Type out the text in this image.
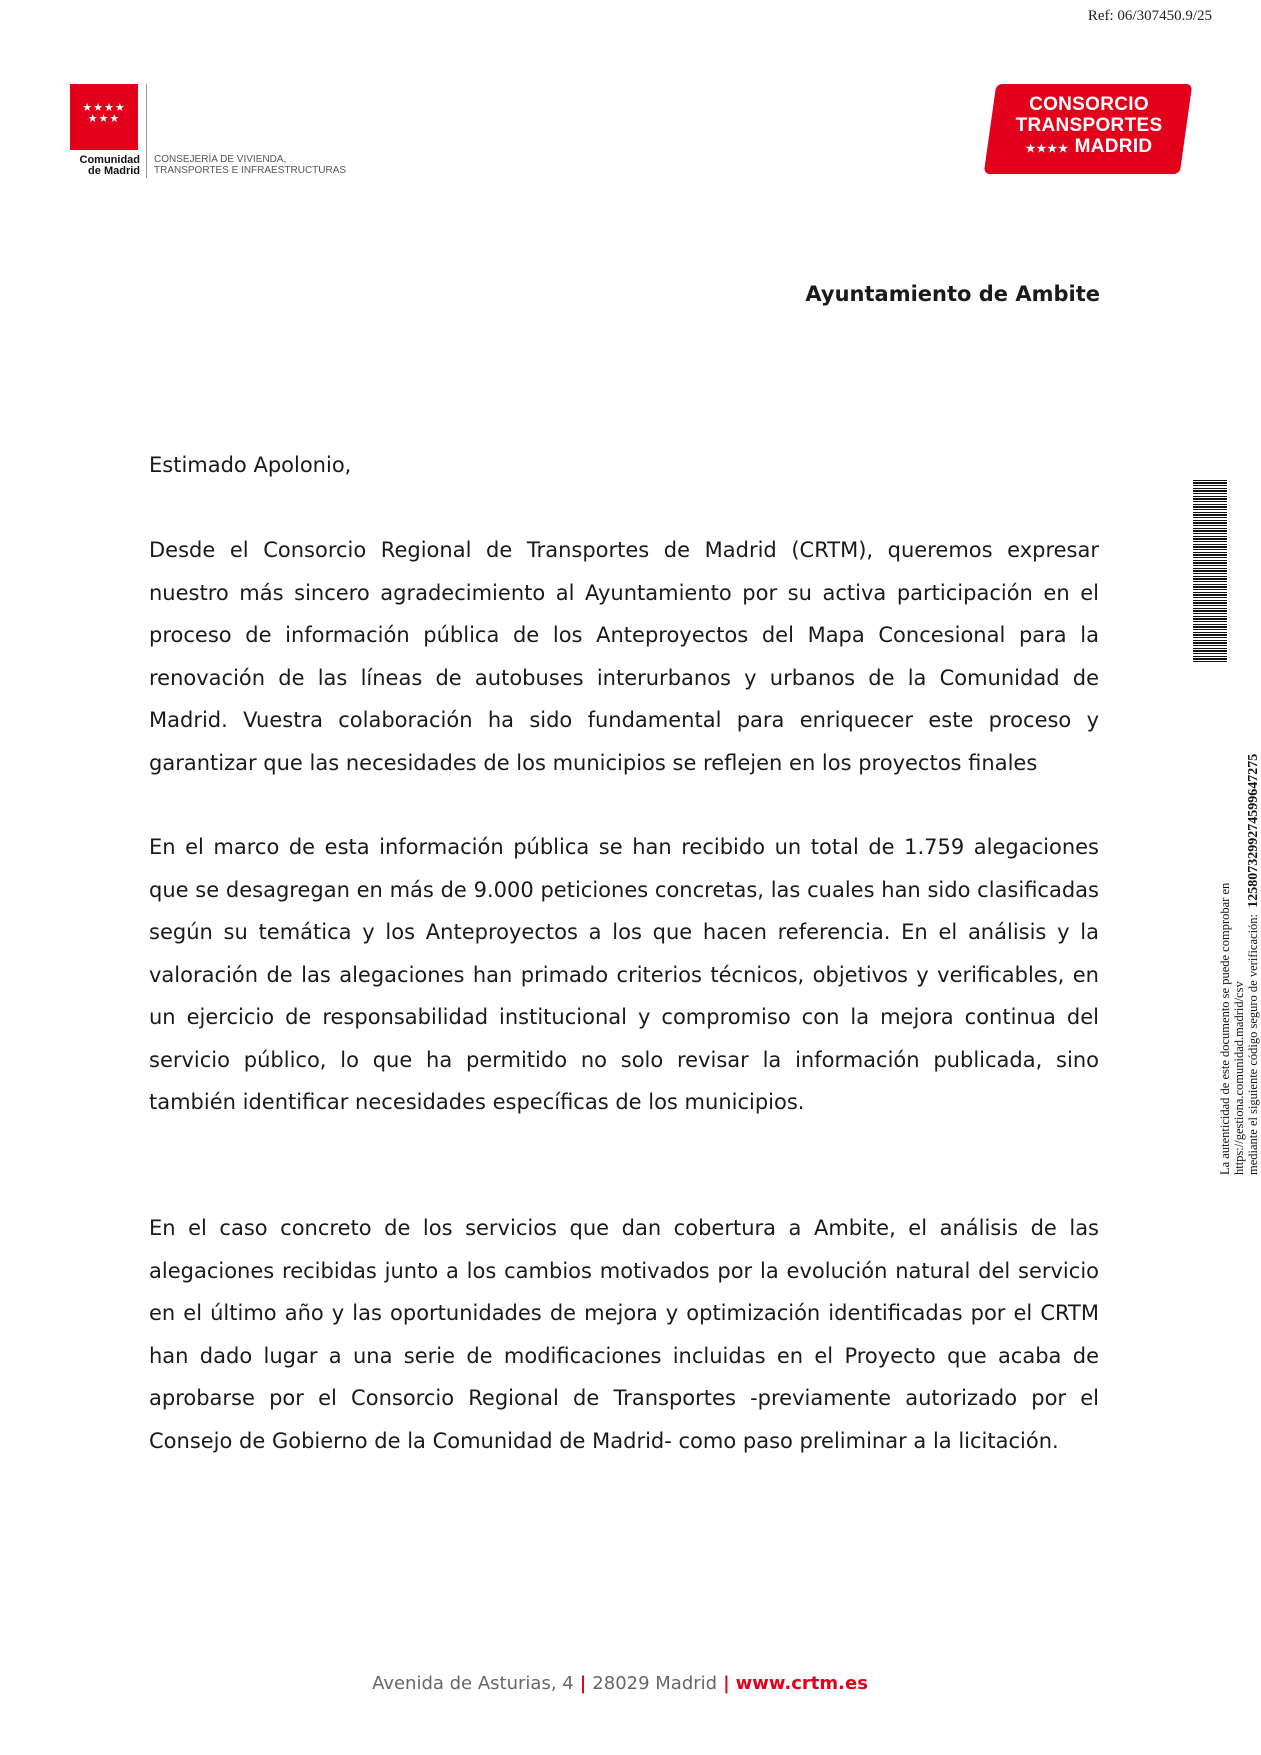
Ref: 06/307450.9/25
★★★★ ★★★
Comunidad
de Madrid
CONSEJERÍA DE VIVIENDA,
TRANSPORTES E INFRAESTRUCTURAS
CONSORCIO
TRANSPORTES
★★★★ MADRID
Ayuntamiento de Ambite
Estimado Apolonio,
Desde el Consorcio Regional de Transportes de Madrid (CRTM), queremos expresar nuestro más sincero agradecimiento al Ayuntamiento por su activa participación en el proceso de información pública de los Anteproyectos del Mapa Concesional para la renovación de las líneas de autobuses interurbanos y urbanos de la Comunidad de Madrid. Vuestra colaboración ha sido fundamental para enriquecer este proceso y garantizar que las necesidades de los municipios se reflejen en los proyectos finales
En el marco de esta información pública se han recibido un total de 1.759 alegaciones que se desagregan en más de 9.000 peticiones concretas, las cuales han sido clasificadas según su temática y los Anteproyectos a los que hacen referencia. En el análisis y la valoración de las alegaciones han primado criterios técnicos, objetivos y verificables, en un ejercicio de responsabilidad institucional y compromiso con la mejora continua del servicio público, lo que ha permitido no solo revisar la información publicada, sino también identificar necesidades específicas de los municipios.
En el caso concreto de los servicios que dan cobertura a Ambite, el análisis de las alegaciones recibidas junto a los cambios motivados por la evolución natural del servicio en el último año y las oportunidades de mejora y optimización identificadas por el CRTM han dado lugar a una serie de modificaciones incluidas en el Proyecto que acaba de aprobarse por el Consorcio Regional de Transportes -previamente autorizado por el Consejo de Gobierno de la Comunidad de Madrid- como paso preliminar a la licitación.
La autenticidad de este documento se puede comprobar en https://gestiona.comunidad.madrid/csv mediante el siguiente código seguro de verificación:  1258073299274599647275
Avenida de Asturias, 4 | 28029 Madrid | www.crtm.es
